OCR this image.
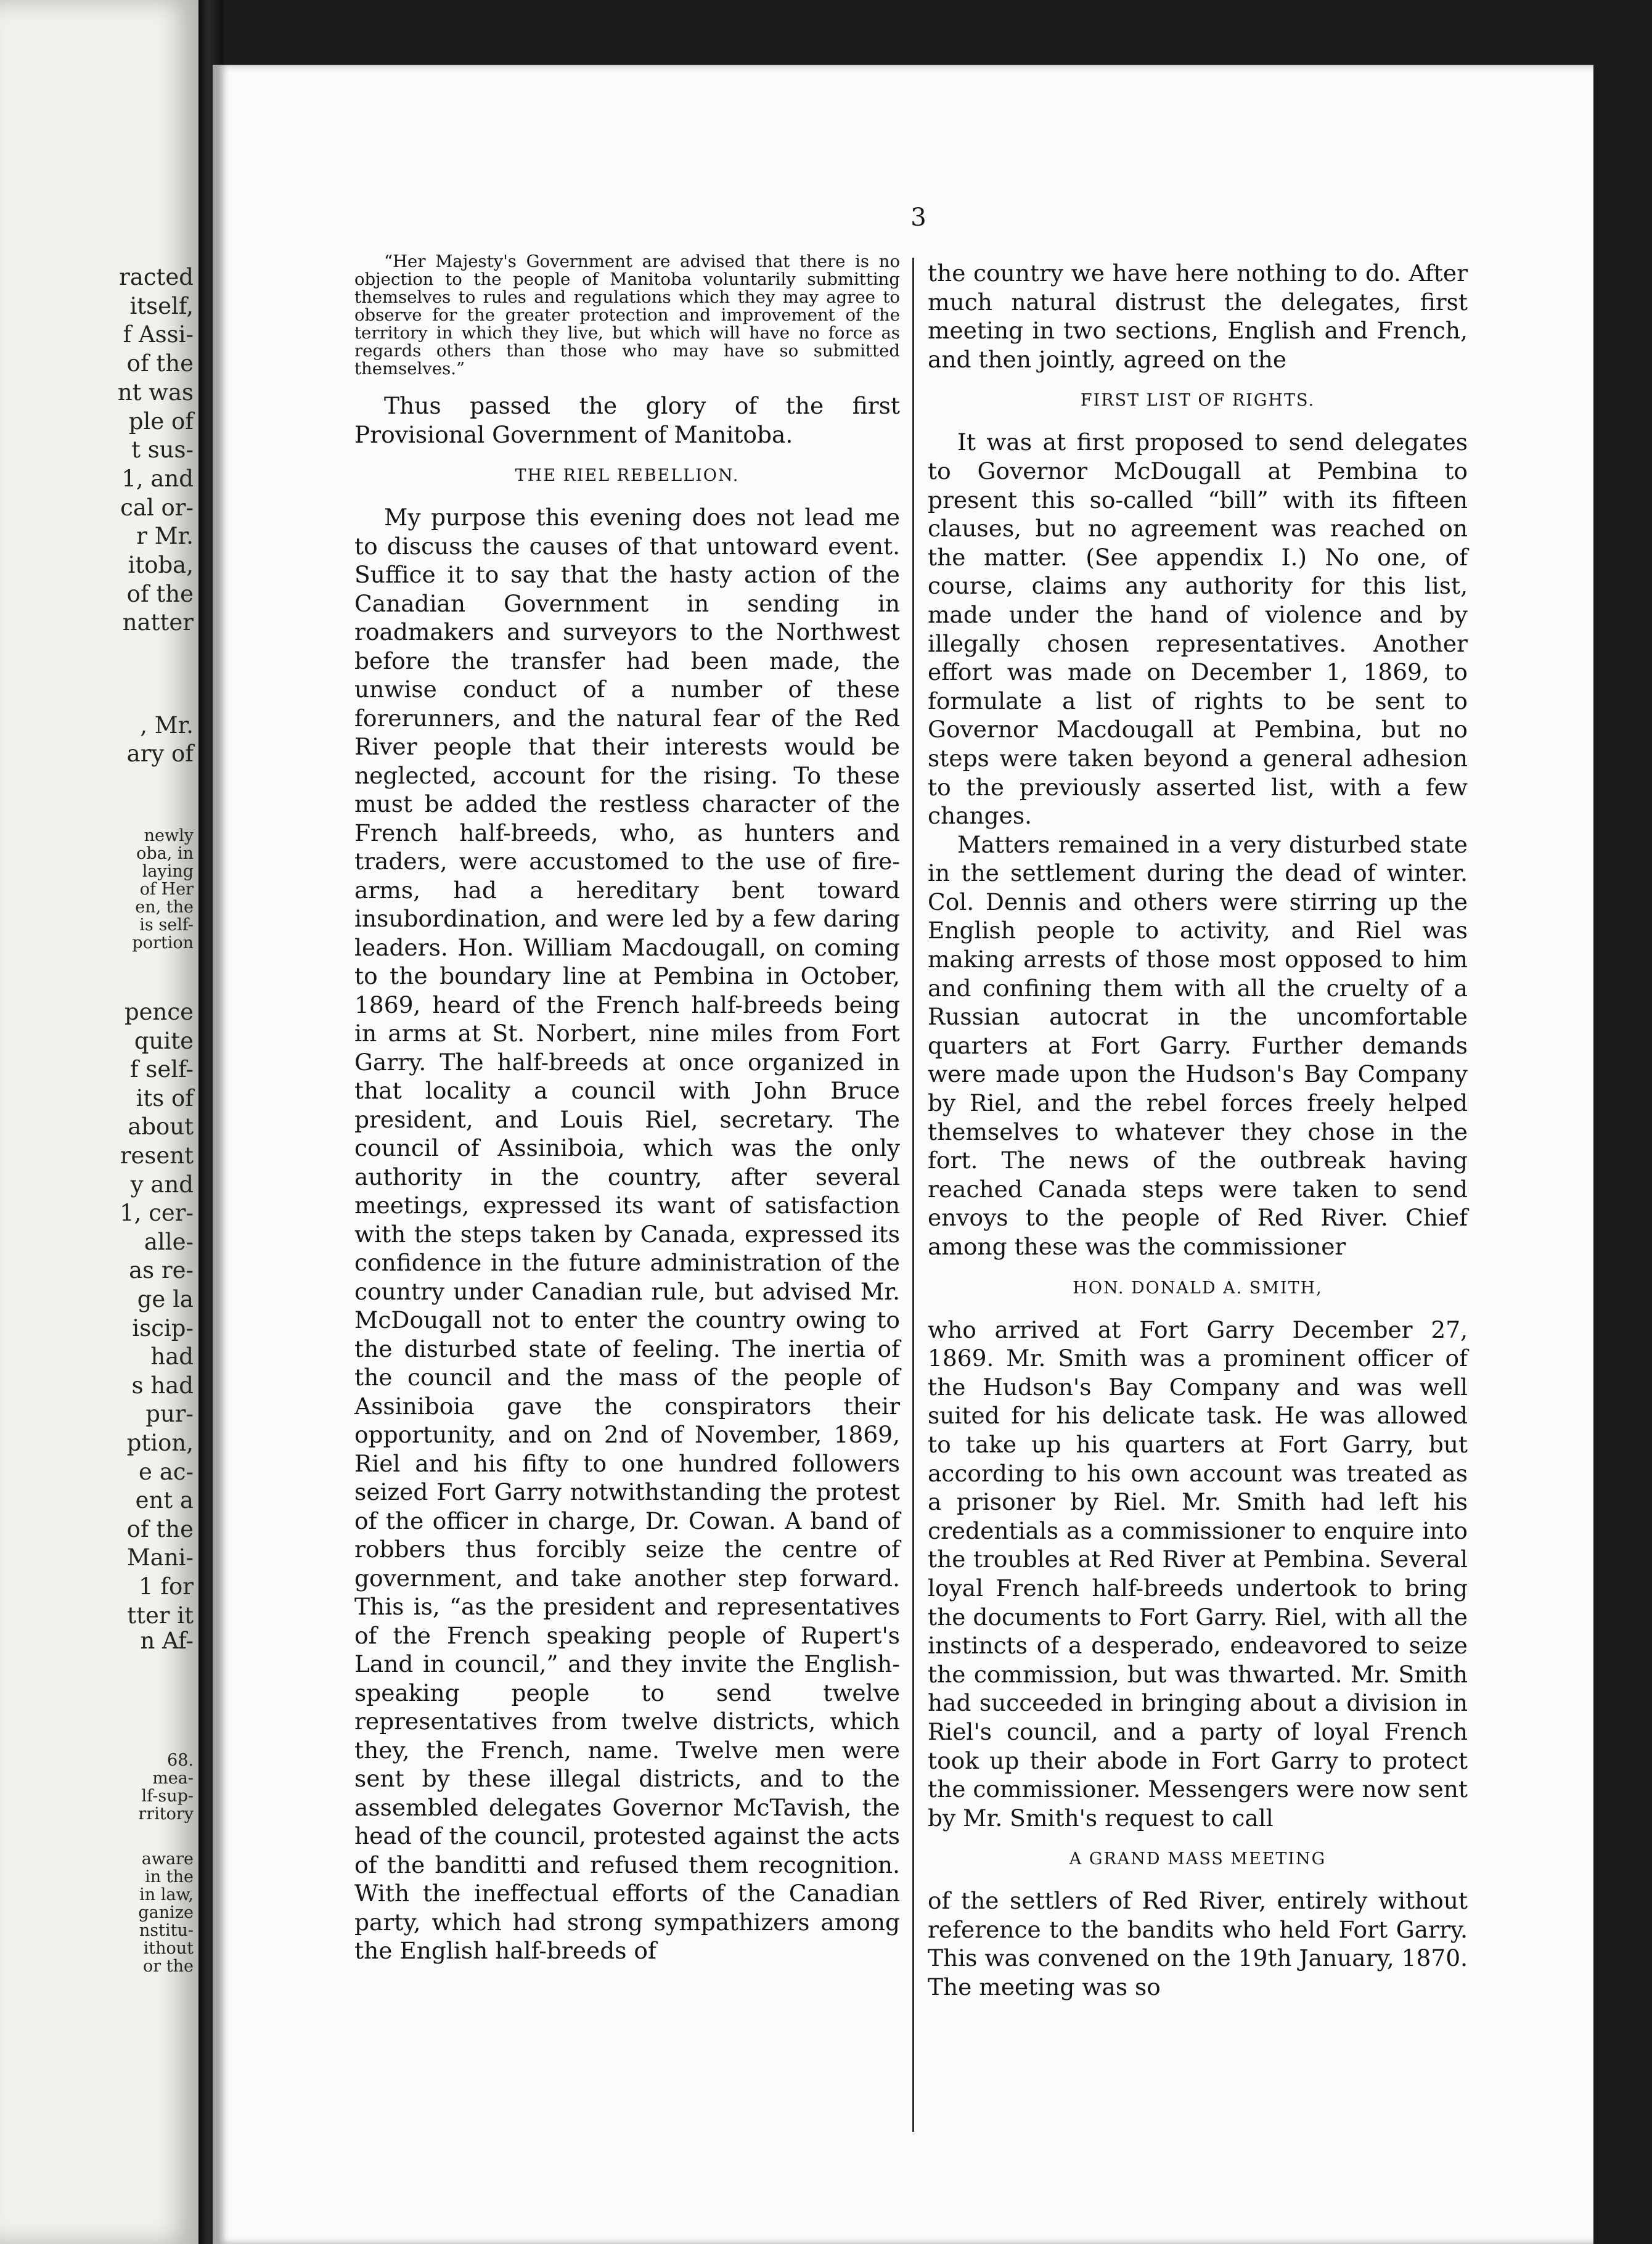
racted
itself,
f Assi-
of the
nt was
ple of
t sus-
1, and
cal or-
r Mr.
itoba,
of the
natter
, Mr.
ary of
newly
oba, in
laying
of Her
en, the
is self-
portion
pence
quite
f self-
its of
about
resent
y and
1, cer-
alle-
as re-
ge la
iscip-
had
s had
pur-
ption,
e ac-
ent a
of the
Mani-
1 for
tter it
n Af-
68.
mea-
lf-sup-
rritory
aware
in the
in law,
ganize
nstitu-
ithout
or the
3

“Her Majesty's Government are advised that there is no objection to the people of Manitoba voluntarily submitting themselves to rules and regulations which they may agree to observe for the greater protection and improvement of the territory in which they live, but which will have no force as regards others than those who may have so submitted themselves.”

Thus passed the glory of the first Provisional Government of Manitoba.

THE RIEL REBELLION.

My purpose this evening does not lead me to discuss the causes of that untoward event. Suffice it to say that the hasty action of the Canadian Government in sending in roadmakers and surveyors to the Northwest before the transfer had been made, the unwise conduct of a number of these forerunners, and the natural fear of the Red River people that their interests would be neglected, account for the rising. To these must be added the restless character of the French half-breeds, who, as hunters and traders, were accustomed to the use of fire-arms, had a hereditary bent toward insubordination, and were led by a few daring leaders. Hon. William Macdougall, on coming to the boundary line at Pembina in October, 1869, heard of the French half-breeds being in arms at St. Norbert, nine miles from Fort Garry. The half-breeds at once organized in that locality a council with John Bruce president, and Louis Riel, secretary. The council of Assiniboia, which was the only authority in the country, after several meetings, expressed its want of satisfaction with the steps taken by Canada, expressed its confidence in the future administration of the country under Canadian rule, but advised Mr. McDougall not to enter the country owing to the disturbed state of feeling. The inertia of the council and the mass of the people of Assiniboia gave the conspirators their opportunity, and on 2nd of November, 1869, Riel and his fifty to one hundred followers seized Fort Garry notwithstanding the protest of the officer in charge, Dr. Cowan. A band of robbers thus forcibly seize the centre of government, and take another step forward. This is, “as the president and representatives of the French speaking people of Rupert's Land in council,” and they invite the English-speaking people to send twelve representatives from twelve districts, which they, the French, name. Twelve men were sent by these illegal districts, and to the assembled delegates Governor McTavish, the head of the council, protested against the acts of the banditti and refused them recognition. With the ineffectual efforts of the Canadian party, which had strong sympathizers among the English half-breeds of

the country we have here nothing to do. After much natural distrust the delegates, first meeting in two sections, English and French, and then jointly, agreed on the

FIRST LIST OF RIGHTS.

It was at first proposed to send delegates to Governor McDougall at Pembina to present this so-called “bill” with its fifteen clauses, but no agreement was reached on the matter. (See appendix I.) No one, of course, claims any authority for this list, made under the hand of violence and by illegally chosen representatives. Another effort was made on December 1, 1869, to formulate a list of rights to be sent to Governor Macdougall at Pembina, but no steps were taken beyond a general adhesion to the previously asserted list, with a few changes.

Matters remained in a very disturbed state in the settlement during the dead of winter. Col. Dennis and others were stirring up the English people to activity, and Riel was making arrests of those most opposed to him and confining them with all the cruelty of a Russian autocrat in the uncomfortable quarters at Fort Garry. Further demands were made upon the Hudson's Bay Company by Riel, and the rebel forces freely helped themselves to whatever they chose in the fort. The news of the outbreak having reached Canada steps were taken to send envoys to the people of Red River. Chief among these was the commissioner

HON. DONALD A. SMITH,

who arrived at Fort Garry December 27, 1869. Mr. Smith was a prominent officer of the Hudson's Bay Company and was well suited for his delicate task. He was allowed to take up his quarters at Fort Garry, but according to his own account was treated as a prisoner by Riel. Mr. Smith had left his credentials as a commissioner to enquire into the troubles at Red River at Pembina. Several loyal French half-breeds undertook to bring the documents to Fort Garry. Riel, with all the instincts of a desperado, endeavored to seize the commission, but was thwarted. Mr. Smith had succeeded in bringing about a division in Riel's council, and a party of loyal French took up their abode in Fort Garry to protect the commissioner. Messengers were now sent by Mr. Smith's request to call

A GRAND MASS MEETING

of the settlers of Red River, entirely without reference to the bandits who held Fort Garry. This was convened on the 19th January, 1870. The meeting was so
